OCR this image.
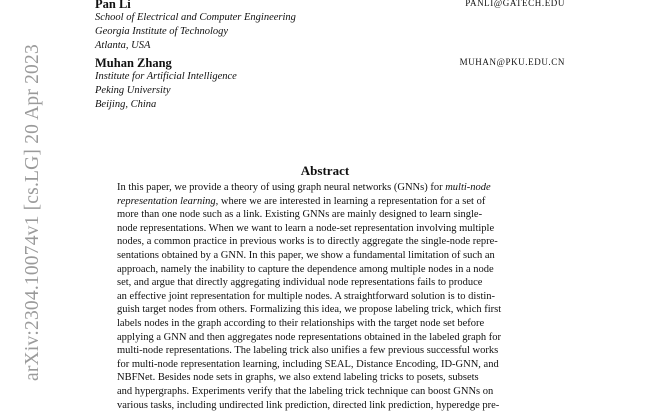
arXiv:2304.10074v1 [cs.LG] 20 Apr 2023
Pan Li	PANLI@GATECH.EDU
School of Electrical and Computer Engineering
Georgia Institute of Technology
Atlanta, USA
Muhan Zhang	MUHAN@PKU.EDU.CN
Institute for Artificial Intelligence
Peking University
Beijing, China
Abstract
In this paper, we provide a theory of using graph neural networks (GNNs) for multi-node
representation learning, where we are interested in learning a representation for a set of
more than one node such as a link. Existing GNNs are mainly designed to learn single-
node representations. When we want to learn a node-set representation involving multiple
nodes, a common practice in previous works is to directly aggregate the single-node repre-
sentations obtained by a GNN. In this paper, we show a fundamental limitation of such an
approach, namely the inability to capture the dependence among multiple nodes in a node
set, and argue that directly aggregating individual node representations fails to produce
an effective joint representation for multiple nodes. A straightforward solution is to distin-
guish target nodes from others. Formalizing this idea, we propose labeling trick, which first
labels nodes in the graph according to their relationships with the target node set before
applying a GNN and then aggregates node representations obtained in the labeled graph for
multi-node representations. The labeling trick also unifies a few previous successful works
for multi-node representation learning, including SEAL, Distance Encoding, ID-GNN, and
NBFNet. Besides node sets in graphs, we also extend labeling tricks to posets, subsets
and hypergraphs. Experiments verify that the labeling trick technique can boost GNNs on
various tasks, including undirected link prediction, directed link prediction, hyperedge pre-
